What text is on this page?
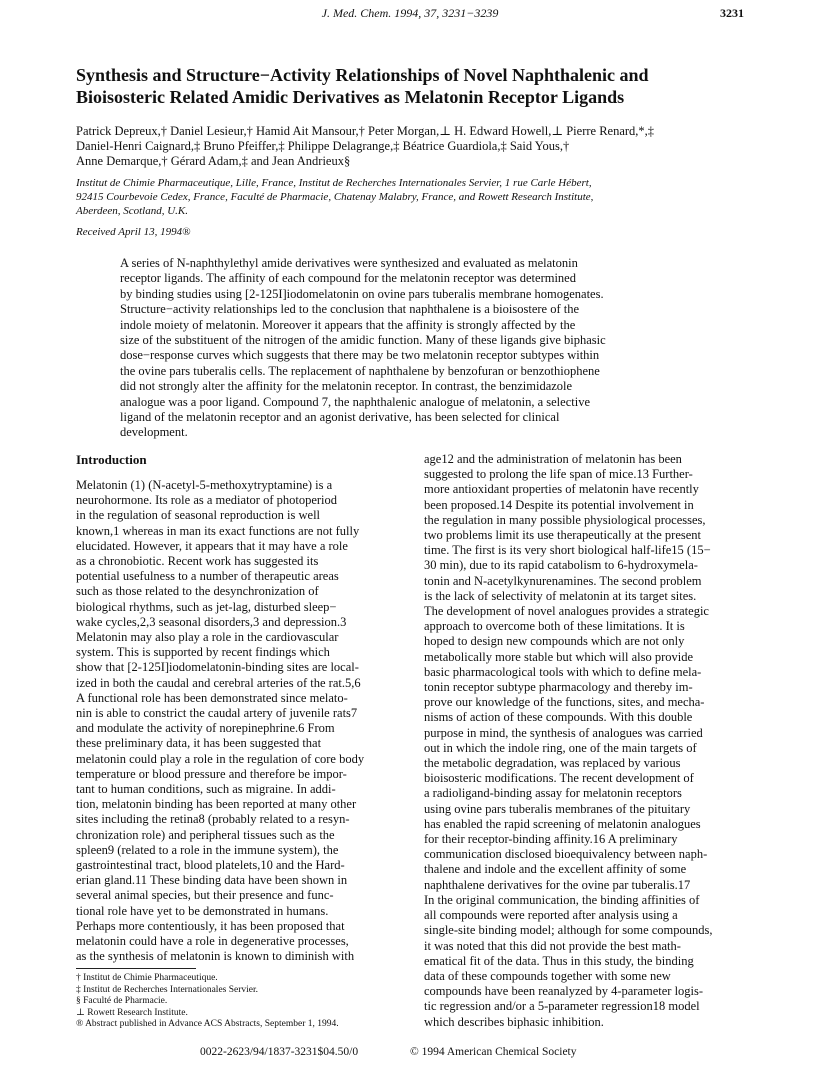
J. Med. Chem. 1994, 37, 3231−3239	3231
Synthesis and Structure−Activity Relationships of Novel Naphthalenic and
Bioisosteric Related Amidic Derivatives as Melatonin Receptor Ligands
Patrick Depreux,† Daniel Lesieur,† Hamid Ait Mansour,† Peter Morgan,⊥ H. Edward Howell,⊥ Pierre Renard,*,‡
Daniel-Henri Caignard,‡ Bruno Pfeiffer,‡ Philippe Delagrange,‡ Béatrice Guardiola,‡ Said Yous,†
Anne Demarque,† Gérard Adam,‡ and Jean Andrieux§
Institut de Chimie Pharmaceutique, Lille, France, Institut de Recherches Internationales Servier, 1 rue Carle Hébert,
92415 Courbevoie Cedex, France, Faculté de Pharmacie, Chatenay Malabry, France, and Rowett Research Institute,
Aberdeen, Scotland, U.K.
Received April 13, 1994®
A series of N-naphthylethyl amide derivatives were synthesized and evaluated as melatonin
receptor ligands. The affinity of each compound for the melatonin receptor was determined
by binding studies using [2-125I]iodomelatonin on ovine pars tuberalis membrane homogenates.
Structure−activity relationships led to the conclusion that naphthalene is a bioisostere of the
indole moiety of melatonin. Moreover it appears that the affinity is strongly affected by the
size of the substituent of the nitrogen of the amidic function. Many of these ligands give biphasic
dose−response curves which suggests that there may be two melatonin receptor subtypes within
the ovine pars tuberalis cells. The replacement of naphthalene by benzofuran or benzothiophene
did not strongly alter the affinity for the melatonin receptor. In contrast, the benzimidazole
analogue was a poor ligand. Compound 7, the naphthalenic analogue of melatonin, a selective
ligand of the melatonin receptor and an agonist derivative, has been selected for clinical
development.
Introduction
Melatonin (1) (N-acetyl-5-methoxytryptamine) is a
neurohormone. Its role as a mediator of photoperiod
in the regulation of seasonal reproduction is well
known,1 whereas in man its exact functions are not fully
elucidated. However, it appears that it may have a role
as a chronobiotic. Recent work has suggested its
potential usefulness to a number of therapeutic areas
such as those related to the desynchronization of
biological rhythms, such as jet-lag, disturbed sleep−
wake cycles,2,3 seasonal disorders,3 and depression.3
Melatonin may also play a role in the cardiovascular
system. This is supported by recent findings which
show that [2-125I]iodomelatonin-binding sites are local-
ized in both the caudal and cerebral arteries of the rat.5,6
A functional role has been demonstrated since melato-
nin is able to constrict the caudal artery of juvenile rats7
and modulate the activity of norepinephrine.6 From
these preliminary data, it has been suggested that
melatonin could play a role in the regulation of core body
temperature or blood pressure and therefore be impor-
tant to human conditions, such as migraine. In addi-
tion, melatonin binding has been reported at many other
sites including the retina8 (probably related to a resyn-
chronization role) and peripheral tissues such as the
spleen9 (related to a role in the immune system), the
gastrointestinal tract, blood platelets,10 and the Hard-
erian gland.11 These binding data have been shown in
several animal species, but their presence and func-
tional role have yet to be demonstrated in humans.
Perhaps more contentiously, it has been proposed that
melatonin could have a role in degenerative processes,
as the synthesis of melatonin is known to diminish with
age12 and the administration of melatonin has been
suggested to prolong the life span of mice.13 Further-
more antioxidant properties of melatonin have recently
been proposed.14 Despite its potential involvement in
the regulation in many possible physiological processes,
two problems limit its use therapeutically at the present
time. The first is its very short biological half-life15 (15−
30 min), due to its rapid catabolism to 6-hydroxymela-
tonin and N-acetylkynurenamines. The second problem
is the lack of selectivity of melatonin at its target sites.
The development of novel analogues provides a strategic
approach to overcome both of these limitations. It is
hoped to design new compounds which are not only
metabolically more stable but which will also provide
basic pharmacological tools with which to define mela-
tonin receptor subtype pharmacology and thereby im-
prove our knowledge of the functions, sites, and mecha-
nisms of action of these compounds. With this double
purpose in mind, the synthesis of analogues was carried
out in which the indole ring, one of the main targets of
the metabolic degradation, was replaced by various
bioisosteric modifications. The recent development of
a radioligand-binding assay for melatonin receptors
using ovine pars tuberalis membranes of the pituitary
has enabled the rapid screening of melatonin analogues
for their receptor-binding affinity.16 A preliminary
communication disclosed bioequivalency between naph-
thalene and indole and the excellent affinity of some
naphthalene derivatives for the ovine par tuberalis.17
In the original communication, the binding affinities of
all compounds were reported after analysis using a
single-site binding model; although for some compounds,
it was noted that this did not provide the best math-
ematical fit of the data. Thus in this study, the binding
data of these compounds together with some new
compounds have been reanalyzed by 4-parameter logis-
tic regression and/or a 5-parameter regression18 model
which describes biphasic inhibition.
† Institut de Chimie Pharmaceutique.
‡ Institut de Recherches Internationales Servier.
§ Faculté de Pharmacie.
⊥ Rowett Research Institute.
® Abstract published in Advance ACS Abstracts, September 1, 1994.
0022-2623/94/1837-3231$04.50/0	© 1994 American Chemical Society
